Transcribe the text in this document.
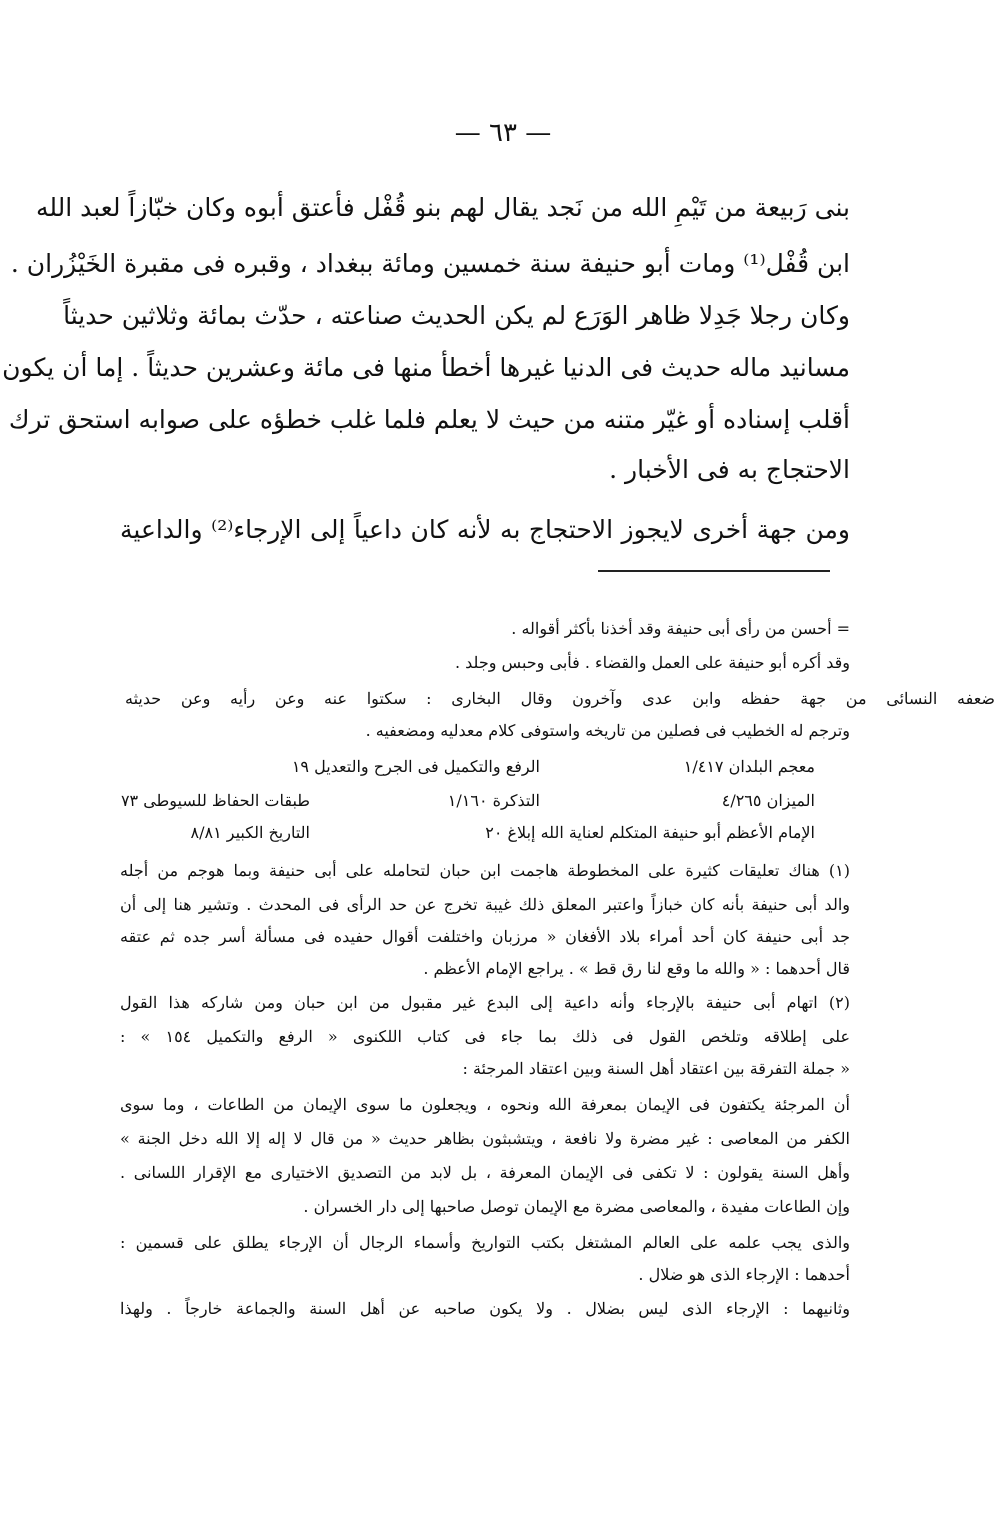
— ٦٣ —
بنى رَبيعة من تَيْمِ الله من نَجد يقال لهم بنو قُفْل فأعتق أبوه وكان خبّازاً لعبد الله
ابن قُفْل⁽¹⁾ ومات أبو حنيفة سنة خمسين ومائة ببغداد ، وقبره فى مقبرة الخَيْزُران .
وكان رجلا جَدِلا ظاهر الوَرَع لم يكن الحديث صناعته ، حدّث بمائة وثلاثين حديثاً
مسانيد ماله حديث فى الدنيا غيرها أخطأ منها فى مائة وعشرين حديثاً . إما أن يكون
أقلب إسناده أو غيّر متنه من حيث لا يعلم فلما غلب خطؤه على صوابه استحق ترك
الاحتجاج به فى الأخبار .
ومن جهة أخرى لايجوز الاحتجاج به لأنه كان داعياً إلى الإرجاء⁽²⁾ والداعية
= أحسن من رأى أبى حنيفة وقد أخذنا بأكثر أقواله .
وقد أكره أبو حنيفة على العمل والقضاء . فأبى وحبس وجلد .
ضعفه النسائى من جهة حفظه وابن عدى وآخرون وقال البخارى : سكتوا عنه وعن رأيه وعن حديثه
وترجم له الخطيب فى فصلين من تاريخه واستوفى كلام معدليه ومضعفيه .
معجم البلدان ١/٤١٧
الرفع والتكميل فى الجرح والتعديل ١٩
الميزان ٤/٢٦٥
التذكرة ١/١٦٠
طبقات الحفاظ للسيوطى ٧٣
الإمام الأعظم أبو حنيفة المتكلم لعناية الله إبلاغ ٢٠
التاريخ الكبير ٨/٨١
(١) هناك تعليقات كثيرة على المخطوطة هاجمت ابن حبان لتحامله على أبى حنيفة وبما هوجم من أجله
والد أبى حنيفة بأنه كان خبازاً واعتبر المعلق ذلك غيبة تخرج عن حد الرأى فى المحدث . وتشير هنا إلى أن
جد أبى حنيفة كان أحد أمراء بلاد الأفغان « مرزبان واختلفت أقوال حفيده فى مسألة أسر جده ثم عتقه
قال أحدهما : « والله ما وقع لنا رق قط » . يراجع الإمام الأعظم .
(٢) اتهام أبى حنيفة بالإرجاء وأنه داعية إلى البدع غير مقبول من ابن حبان ومن شاركه هذا القول
على إطلاقه وتلخص القول فى ذلك بما جاء فى كتاب اللكنوى « الرفع والتكميل ١٥٤ » :
« جملة التفرقة بين اعتقاد أهل السنة وبين اعتقاد المرجئة :
أن المرجئة يكتفون فى الإيمان بمعرفة الله ونحوه ، ويجعلون ما سوى الإيمان من الطاعات ، وما سوى
الكفر من المعاصى : غير مضرة ولا نافعة ، ويتشبثون بظاهر حديث « من قال لا إله إلا الله دخل الجنة »
وأهل السنة يقولون : لا تكفى فى الإيمان المعرفة ، بل لابد من التصديق الاختيارى مع الإقرار اللسانى .
وإن الطاعات مفيدة ، والمعاصى مضرة مع الإيمان توصل صاحبها إلى دار الخسران .
والذى يجب علمه على العالم المشتغل بكتب التواريخ وأسماء الرجال أن الإرجاء يطلق على قسمين :
أحدهما : الإرجاء الذى هو ضلال .
وثانيهما : الإرجاء الذى ليس بضلال . ولا يكون صاحبه عن أهل السنة والجماعة خارجاً . ولهذا
